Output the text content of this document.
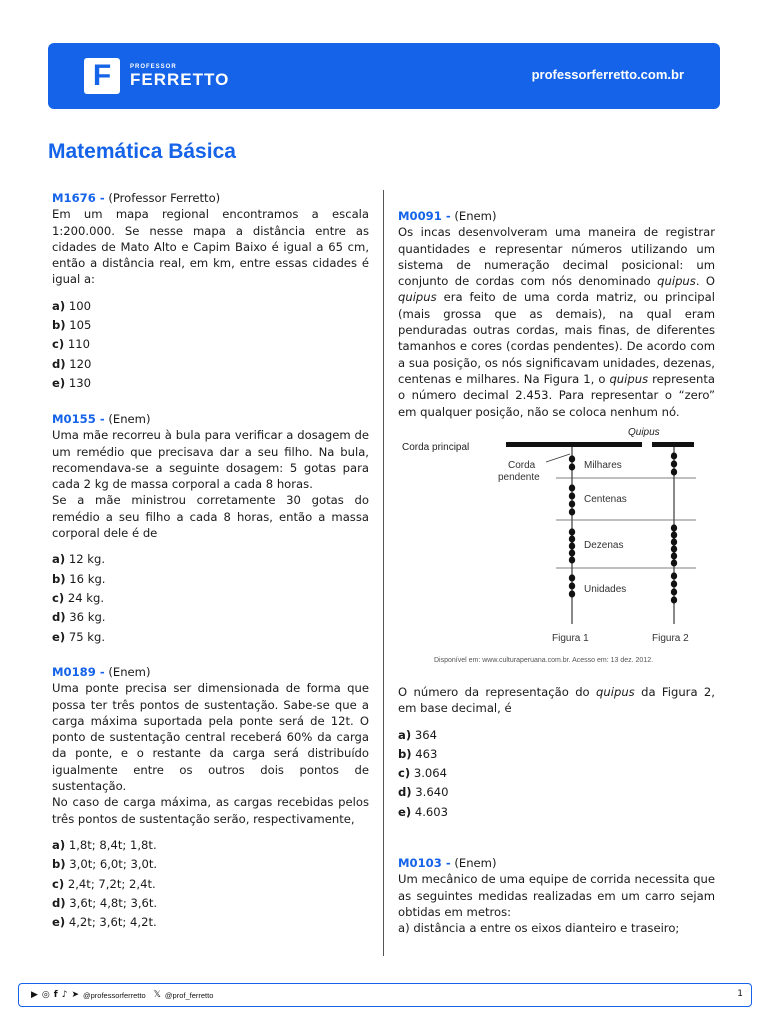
F	PROFESSOR
FERRETTO	professorferretto.com.br
Matemática Básica

M1676 - (Professor Ferretto)

Em um mapa regional encontramos a escala 1:200.000. Se nesse mapa a distância entre as cidades de Mato Alto e Capim Baixo é igual a 65 cm, então a distância real, em km, entre essas cidades é igual a:

a) 100
b) 105
c) 110
d) 120
e) 130

M0155 - (Enem)

Uma mãe recorreu à bula para verificar a dosagem de um remédio que precisava dar a seu filho. Na bula, recomendava-se a seguinte dosagem: 5 gotas para cada 2 kg de massa corporal a cada 8 horas.

Se a mãe ministrou corretamente 30 gotas do remédio a seu filho a cada 8 horas, então a massa corporal dele é de

a) 12 kg.
b) 16 kg.
c) 24 kg.
d) 36 kg.
e) 75 kg.

M0189 - (Enem)

Uma ponte precisa ser dimensionada de forma que possa ter três pontos de sustentação. Sabe-se que a carga máxima suportada pela ponte será de 12t. O ponto de sustentação central receberá 60% da carga da ponte, e o restante da carga será distribuído igualmente entre os outros dois pontos de sustentação.

No caso de carga máxima, as cargas recebidas pelos três pontos de sustentação serão, respectivamente,

a) 1,8t; 8,4t; 1,8t.
b) 3,0t; 6,0t; 3,0t.
c) 2,4t; 7,2t; 2,4t.
d) 3,6t; 4,8t; 3,6t.
e) 4,2t; 3,6t; 4,2t.

M0091 - (Enem)

Os incas desenvolveram uma maneira de registrar quantidades e representar números utilizando um sistema de numeração decimal posicional: um conjunto de cordas com nós denominado quipus. O quipus era feito de uma corda matriz, ou principal (mais grossa que as demais), na qual eram penduradas outras cordas, mais finas, de diferentes tamanhos e cores (cordas pendentes). De acordo com a sua posição, os nós significavam unidades, dezenas, centenas e milhares. Na Figura 1, o quipus representa o número decimal 2.453. Para representar o “zero” em qualquer posição, não se coloca nenhum nó.

Corda principal
Quipus
Milhares
Centenas
Dezenas
Unidades
Corda
pendente
Figura 1	Figura 2
Disponível em: www.culturaperuana.com.br. Acesso em: 13 dez. 2012.

O número da representação do quipus da Figura 2, em base decimal, é

a) 364
b) 463
c) 3.064
d) 3.640
e) 4.603

M0103 - (Enem)

Um mecânico de uma equipe de corrida necessita que as seguintes medidas realizadas em um carro sejam obtidas em metros:

a) distância a entre os eixos dianteiro e traseiro;

▶ ◎ f ♪ ➤ @professorferretto 𝕏 @prof_ferretto	1
